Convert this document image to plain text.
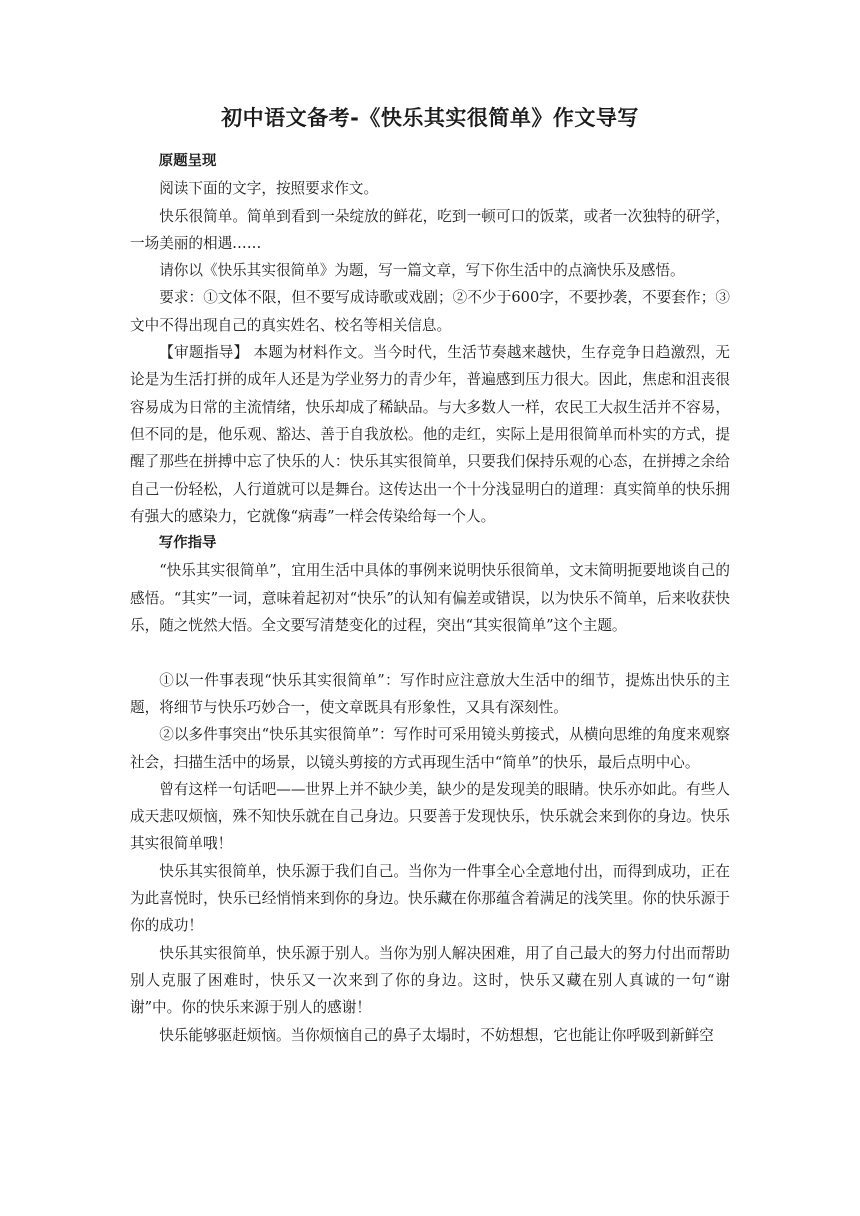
初中语文备考-《快乐其实很简单》作文导写

原题呈现

阅读下面的文字，按照要求作文。

快乐很简单。简单到看到一朵绽放的鲜花，吃到一顿可口的饭菜，或者一次独特的研学，一场美丽的相遇……

请你以《快乐其实很简单》为题，写一篇文章，写下你生活中的点滴快乐及感悟。

要求：①文体不限，但不要写成诗歌或戏剧；②不少于600字，不要抄袭，不要套作；③文中不得出现自己的真实姓名、校名等相关信息。

【审题指导】 本题为材料作文。当今时代，生活节奏越来越快，生存竞争日趋激烈，无论是为生活打拼的成年人还是为学业努力的青少年，普遍感到压力很大。因此，焦虑和沮丧很容易成为日常的主流情绪，快乐却成了稀缺品。与大多数人一样，农民工大叔生活并不容易，但不同的是，他乐观、豁达、善于自我放松。他的走红，实际上是用很简单而朴实的方式，提醒了那些在拼搏中忘了快乐的人：快乐其实很简单，只要我们保持乐观的心态，在拼搏之余给自己一份轻松，人行道就可以是舞台。这传达出一个十分浅显明白的道理：真实简单的快乐拥有强大的感染力，它就像“病毒”一样会传染给每一个人。

写作指导

“快乐其实很简单”，宜用生活中具体的事例来说明快乐很简单，文末简明扼要地谈自己的感悟。“其实”一词，意味着起初对“快乐”的认知有偏差或错误，以为快乐不简单，后来收获快乐，随之恍然大悟。全文要写清楚变化的过程，突出“其实很简单”这个主题。

①以一件事表现“快乐其实很简单”：写作时应注意放大生活中的细节，提炼出快乐的主题，将细节与快乐巧妙合一，使文章既具有形象性，又具有深刻性。

②以多件事突出“快乐其实很简单”：写作时可采用镜头剪接式，从横向思维的角度来观察社会，扫描生活中的场景，以镜头剪接的方式再现生活中“简单”的快乐，最后点明中心。

曾有这样一句话吧——世界上并不缺少美，缺少的是发现美的眼睛。快乐亦如此。有些人成天悲叹烦恼，殊不知快乐就在自己身边。只要善于发现快乐，快乐就会来到你的身边。快乐其实很简单哦！

快乐其实很简单，快乐源于我们自己。当你为一件事全心全意地付出，而得到成功，正在为此喜悦时，快乐已经悄悄来到你的身边。快乐藏在你那蕴含着满足的浅笑里。你的快乐源于你的成功！

快乐其实很简单，快乐源于别人。当你为别人解决困难，用了自己最大的努力付出而帮助别人克服了困难时，快乐又一次来到了你的身边。这时，快乐又藏在别人真诚的一句“谢谢”中。你的快乐来源于别人的感谢！

快乐能够驱赶烦恼。当你烦恼自己的鼻子太塌时，不妨想想，它也能让你呼吸到新鲜空
